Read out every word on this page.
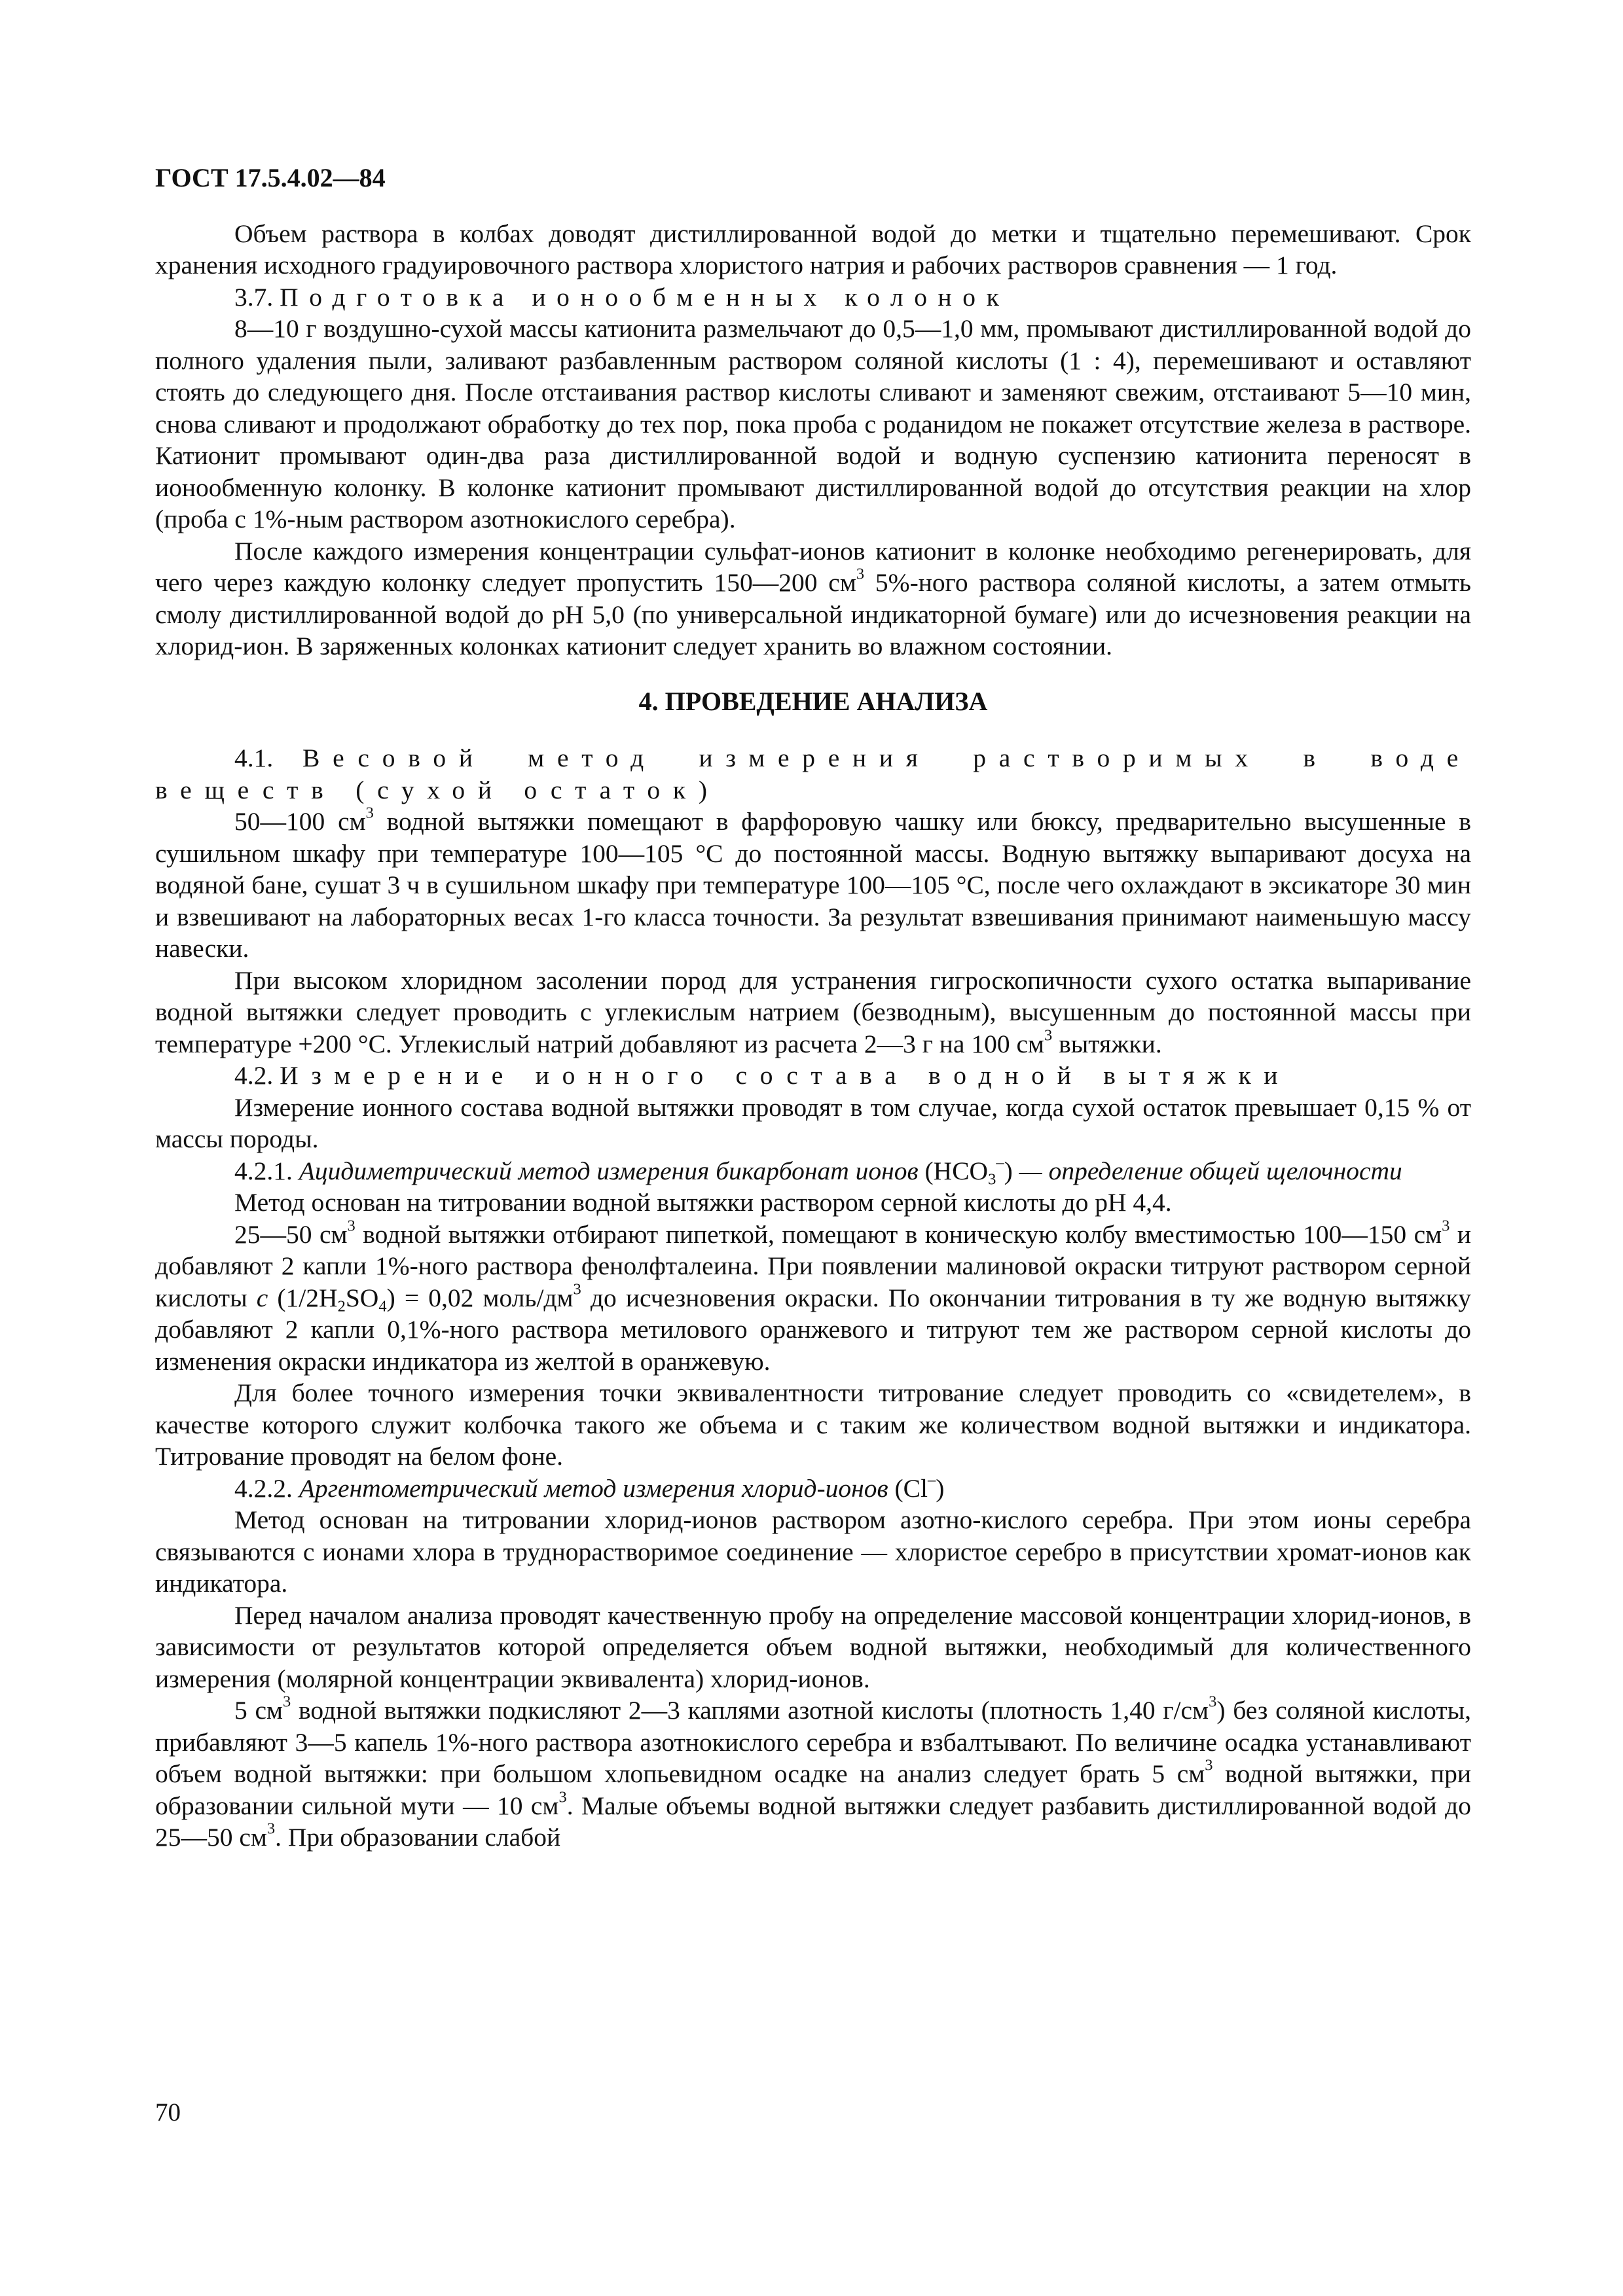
ГОСТ 17.5.4.02—84

Объем раствора в колбах доводят дистиллированной водой до метки и тщательно перемешивают. Срок хранения исходного градуировочного раствора хлористого натрия и рабочих растворов сравнения — 1 год.

3.7. Подготовка ионообменных колонок

8—10 г воздушно-сухой массы катионита размельчают до 0,5—1,0 мм, промывают дистиллированной водой до полного удаления пыли, заливают разбавленным раствором соляной кислоты (1 : 4), перемешивают и оставляют стоять до следующего дня. После отстаивания раствор кислоты сливают и заменяют свежим, отстаивают 5—10 мин, снова сливают и продолжают обработку до тех пор, пока проба с роданидом не покажет отсутствие железа в растворе. Катионит промывают один-два раза дистиллированной водой и водную суспензию катионита переносят в ионообменную колонку. В колонке катионит промывают дистиллированной водой до отсутствия реакции на хлор (проба с 1%-ным раствором азотнокислого серебра).

После каждого измерения концентрации сульфат-ионов катионит в колонке необходимо регенерировать, для чего через каждую колонку следует пропустить 150—200 $см^3$ 5%-ного раствора соляной кислоты, а затем отмыть смолу дистиллированной водой до рН 5,0 (по универсальной индикаторной бумаге) или до исчезновения реакции на хлорид-ион. В заряженных колонках катионит следует хранить во влажном состоянии.

4. ПРОВЕДЕНИЕ АНАЛИЗА

4.1. Весовой метод измерения растворимых в воде веществ (сухой остаток)

50—100 $см^3$ водной вытяжки помещают в фарфоровую чашку или бюксу, предварительно высушенные в сушильном шкафу при температуре 100—105 °С до постоянной массы. Водную вытяжку выпаривают досуха на водяной бане, сушат 3 ч в сушильном шкафу при температуре 100—105 °С, после чего охлаждают в эксикаторе 30 мин и взвешивают на лабораторных весах 1-го класса точности. За результат взвешивания принимают наименьшую массу навески.

При высоком хлоридном засолении пород для устранения гигроскопичности сухого остатка выпаривание водной вытяжки следует проводить с углекислым натрием (безводным), высушенным до постоянной массы при температуре +200 °С. Углекислый натрий добавляют из расчета 2—3 г на 100 $см^3$ вытяжки.

4.2. Измерение ионного состава водной вытяжки

Измерение ионного состава водной вытяжки проводят в том случае, когда сухой остаток превышает 0,15 % от массы породы.

4.2.1. Ацидиметрический метод измерения бикарбонат ионов $(НСО_3^-)$ — определение общей щелочности

Метод основан на титровании водной вытяжки раствором серной кислоты до рН 4,4.

25—50 $см^3$ водной вытяжки отбирают пипеткой, помещают в коническую колбу вместимостью 100—150 $см^3$ и добавляют 2 капли 1%-ного раствора фенолфталеина. При появлении малиновой окраски титруют раствором серной кислоты с $(1/2H_2SO_4) = 0,02$ моль/$дм^3$ до исчезновения окраски. По окончании титрования в ту же водную вытяжку добавляют 2 капли 0,1%-ного раствора метилового оранжевого и титруют тем же раствором серной кислоты до изменения окраски индикатора из желтой в оранжевую.

Для более точного измерения точки эквивалентности титрование следует проводить со «свидетелем», в качестве которого служит колбочка такого же объема и с таким же количеством водной вытяжки и индикатора. Титрование проводят на белом фоне.

4.2.2. Аргентометрический метод измерения хлорид-ионов (Cl–)

Метод основан на титровании хлорид-ионов раствором азотно-кислого серебра. При этом ионы серебра связываются с ионами хлора в труднорастворимое соединение — хлористое серебро в присутствии хромат-ионов как индикатора.

Перед началом анализа проводят качественную пробу на определение массовой концентрации хлорид-ионов, в зависимости от результатов которой определяется объем водной вытяжки, необходимый для количественного измерения (молярной концентрации эквивалента) хлорид-ионов.

5 $см^3$ водной вытяжки подкисляют 2—3 каплями азотной кислоты (плотность 1,40 $г/см^3$) без соляной кислоты, прибавляют 3—5 капель 1%-ного раствора азотнокислого серебра и взбалтывают. По величине осадка устанавливают объем водной вытяжки: при большом хлопьевидном осадке на анализ следует брать 5 $см^3$ водной вытяжки, при образовании сильной мути — 10 $см^3$. Малые объемы водной вытяжки следует разбавить дистиллированной водой до 25—50 $см^3$. При образовании слабой

70
